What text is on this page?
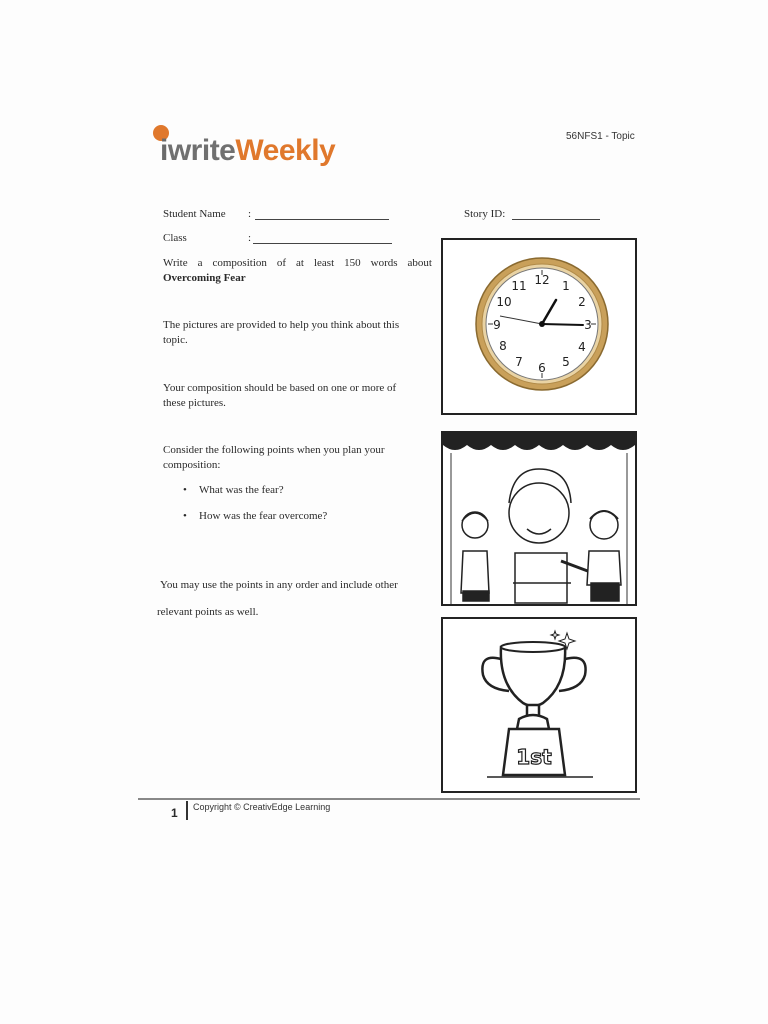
iwriteWeekly	56NFS1 - Topic
Student Name :
Class	:
Story ID:
Write a composition of at least 150 words about
Overcoming Fear
The pictures are provided to help you think about this topic.
Your composition should be based on one or more of these pictures.
Consider the following points when you plan your composition:
• What was the fear?
• How was the fear overcome?
You may use the points in any order and include other
relevant points as well.
12 1
2
3
4
5
6
7
8
9
10
11
1st
1 Copyright © CreativEdge Learning
